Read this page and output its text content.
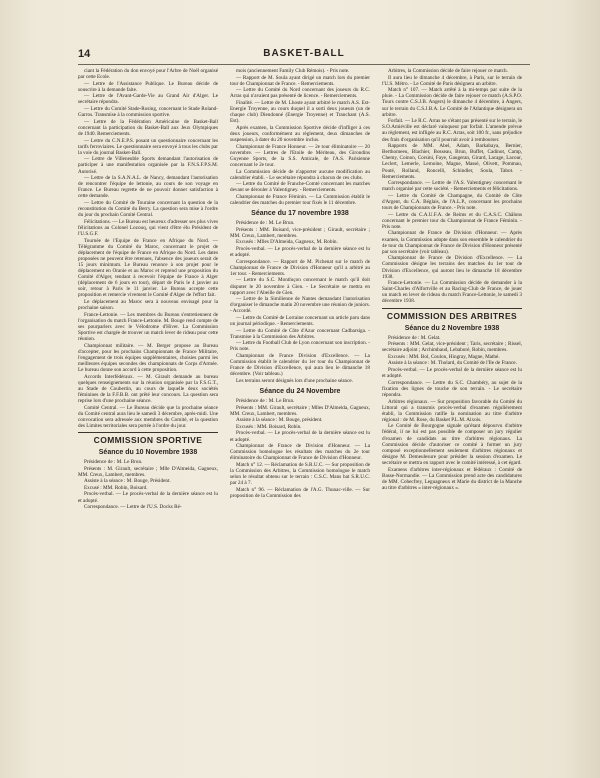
14	BASKET-BALL

ciant la Fédération du don envoyé pour l'Arbre de Noël organisé par cette Ecole.

— Lettre de l'Assistance Publique. Le Bureau décide de souscrire à la demande faite.

— Lettre de l'Avant-Garde-Vie au Grand Air d'Alger. Le secrétaire répondra.

— Lettre du Comité Stade-Rosing, concernant le Stade Roland-Garros. Transmise à la commission sportive.

— Lettre de la Fédération Américaine de Basket-Ball concernant la participation du Basket-Ball aux Jeux Olympiques de 1940. Remerciements.

— Lettre du C.N.E.P.S. posant un questionnaire concernant les tarifs ferroviaires. Le questionnaire sera envoyé à tous les clubs par la voie du journal Basket-Ball.

— Lettre de Villeneuble Sports demandant l'autorisation de participer à une manifestation organisée par la F.N.S.F.P.S.M. Autorisé.

— Lettre de la S.A.N.A.L. de Nancy, demandant l'autorisation de rencontrer l'équipe de lettonie, au cours de son voyage en France. Le Bureau regrette de ne pouvoir donner satisfaction à cette demande.

— Lettre du Comité de Touraine concernant la question de la reconstitution du Comité du Berry. La question sera mise à l'ordre du jour du prochain Comité Central.

Félicitations. — Le Bureau est heureux d'adresser ses plus vives félicitations au Colonel Lozouq, qui vient d'être élu Président de l'U.S.G.F.

Tournée de l'Equipe de France en Afrique du Nord. — Télégramme du Comité du Maroc, concernant le projet de déplacement de l'équipe de France en Afrique du Nord. Les dates proposées ne peuvent être retenues, l'absence des joueurs serait de 15 jours minimum. Le Bureau renonce à son projet pour le déplacement en Oranie et au Maroc et reprend une proposition du Comité d'Alger, tendant à recevoir l'équipe de France à Alger (déplacement de 6 jours en tout), départ de Paris le 4 janvier au soir, retour à Paris le 11 janvier. Le Bureau accepte cette proposition et remercie vivement le Comité d'Alger de l'effort fait.

Le déplacement au Maroc sera à nouveau envisagé pour la prochaine saison.

France-Lettonie. — Les membres du Bureau s'entretiennent de l'organisation du match France-Lettonie. M. Bouge rend compte de ses pourparlers avec le Vélodrome d'Hiver. La Commission Sportive est chargée de trouver un match lever de rideau pour cette réunion.

Championnat militaire. — M. Berger propose au Bureau d'accepter, pour les prochains Championnats de France Militaire, l'engagement de trois équipes supplémentaires, choisies parmi les meilleures équipes secondes des championnats de Corps d'Armée. Le bureau donne son accord à cette proposition.

Accords Interfédéraux. — M. Girault demande au bureau quelques renseignements sur la réunion organisée par la F.S.G.T., au Stade de Coubertin, au cours de laquelle deux sociétés féminines de la F.F.B.B. ont prêté leur concours. La question sera reprise lors d'une prochaine séance.

Comité Central. — Le Bureau décide que la prochaine séance du Comité central aura lieu le samedi 3 décembre, après-midi. Une convocation sera adressée aux membres du Comité, et la question des Limites territoriales sera portée à l'ordre du jour.

COMMISSION SPORTIVE
Séance du 10 Novembre 1938

Présidence de : M. Le Brun.

Présents : M. Girault, secrétaire ; Mlle D'Almeida, Gagneux, MM. Creux, Lambert, membres.

Assiste à la séance : M. Bouge, Président.

Excusé : MM. Robin, Boisard.

Procès-verbal. — Le procès-verbal de la dernière séance est lu et adopté.

Correspondance. — Lettre de l'U.S. Docks Ré-

mois (anciennement Family Club Rémois). - Pris note.

— Rapport de M. Soula ayant dirigé un match lors du premier tour de Championnat de France. - Remerciements.

— Lettre du Comité du Nord concernant des joueurs du R.C. Arras qui n'avaient pas présenté de licence. - Remerciements.

Finalité. — Lettre de M. Lhoste ayant arbitré le match A.S. Est-Energie Troyenne, au cours duquel il a sorti deux joueurs (un de chaque club) Dieudonné (Energie Troyenne) et Tranchant (A.S. Est).

Après examen, la Commission Sportive décide d'infliger à ces deux joueurs, conformément au règlement, deux dimanches de suspension, à dater du 20 novembre inclus.

Championnat de France Honneur. — 2e tour éliminatoire — 20 novembre. — Lettres de l'Etoile de Mériteau, des Girondins Guyenne Sports, de la S.S. Amicale, de l'A.S. Parisienne concernant le 2e tour.

La Commission décide de n'apporter aucune modification au calendrier établi. - Le secrétaire répondra à chacun de ces clubs.

— Lettre du Comité de Franche-Comté concernant les matches devant se dérouler à Valentigney. - Remerciements.

Championnat de France Féminin. — La Commission établit le calendrier des matches du premier tour fixés le 11 décembre.

Séance du 17 novembre 1938

Présidence de : M. Le Brun.

Présents : MM. Boisard, vice-président ; Girault, secrétaire ; MM. Creux, Lambert, membres.

Excusés : Mlles D'Almeida, Gagneux, M. Robin.

Procès-verbal. — Le procès-verbal de la dernière séance est lu et adopté.

Correspondance. — Rapport de M. Pichenat sur le match de Championnat de France de Division d'Honneur qu'il a arbitré au 1er tour. - Remerciements.

— Lettre du S.C. Montluçon concernant le match qu'il doit disputer le 20 novembre à Gien. - Le Secrétaire se mettra en rapport avec l'Abeille de Gien.

— Lettre de la Similienne de Nantes demandant l'autorisation d'organiser le dimanche matin 20 novembre une réunion de juniors. - Accordé.

— Lettre du Comité de Lorraine concernant un article paru dans un journal périodique. - Remerciements.

— Lettre du Comité de Côte d'Azur concernant Cadbarsiga. - Transmise à la Commission des Arbitres.

— Lettre du Football Club de Lyon concernant son inscription. - Pris note.

Championnat de France Division d'Excellence. — La Commission établit le calendrier du 1er tour du Championnat de France de Division d'Excellence, qui aura lieu le dimanche 18 décembre. (Voir tableau.)

Les terrains seront désignés lors d'une prochaine séance.

Séance du 24 Novembre

Présidence de : M. Le Brun.

Présents : MM. Girault, secrétaire ; Mlles D'Almeida, Gagneux, MM. Creux, Lambert, membres.

Assiste à la séance : M. Bouge, président.

Excusés : MM. Boisard, Robin.

Procès-verbal. — Le procès-verbal de la dernière séance est lu et adopté.

Championnat de France de Division d'Honneur. — La Commission homologue les résultats des matches du 2e tour éliminatoire du Championnat de France de Division d'Honneur.

Match n° 12. — Réclamation de S.R.U.C. — Sur proposition de la Commission des Arbitres, la Commission homologue le match selon le résultat obtenu sur le terrain : C.S.C. Mans bat S.R.U.C. par 24 à 7.

Match n° 96. — Réclamation de l'A.G. Thunac-ville. — Sur proposition de la Commission des

Arbitres, la Commission décide de faire rejouer ce match.

Il aura lieu le dimanche 4 décembre, à Paris, sur le terrain de l'U.S. Métro. - Le Comité de Paris désignera un arbitre.

Match n° 107. — Match arrêté à la mi-temps par suite de la pluie. - La Commission décide de faire rejouer ce match (A.S.P.O. Tours contre C.S.J.B. Angers) le dimanche 4 décembre, à Angers, sur le terrain du C.S.J.B.A. Le Comité de l'Atlantique désignera un arbitre.

Forfait. — Le R.C. Arras ne s'étant pas présenté sur le terrain, le S.O.Amiéville est déclaré vainqueur par forfait. L'amende prévue au règlement, est infligée au R.C. Arras, soit 100 fr., sans préjudice des frais d'organisation qu'il pourrait avoir à rembourser.

Rapports de MM. Abel, Adam, Barkabaya, Bernier, Berthomeeu, Blachier, Bosseau, Brun, Buffet, Cadinot, Camp, Chemy, Coinon, Corsini, Faye, Gaugeran, Girard, Lacage, Lacour, Leclert, Lemerle, Lemoine, Magne, Massé, Olivett, Pommau, Pouté, Rolland, Roncelli, Schindler, Soula, Tabot. - Remerciements.

Correspondance. — Lettre de l'A.S. Valentigney concernant le match organisé par cette société. - Remerciements et félicitations.

— Lettre du Comité de Champagne, du Comité de Côte d'Argent, du C.A. Béglais, de l'A.L.P., concernant les prochains tours de Championnats de France. - Pris note.

— Lettre du C.A.U.F.A. de Reims et du C.A.S.C. Châlons concernant le premier tour du Championnat de France Féminin. - Pris note.

Championnat de France de Division d'Honneur. — Après examen, la Commission adopte dans son ensemble le calendrier du 4e tour du Championnat de France de Division d'Honneur présenté par son secrétaire (voir tableau).

Championnat de France de Division d'Excellence. — La Commission désigne les terrains des matches du 1er tour de Division d'Excellence, qui auront lieu le dimanche 18 décembre 1938.

France-Lettonie. — La Commission décide de demander à la Saint-Charles d'Alfortville et au Racing-Club de France, de jouer un match en lever de rideau du match France-Lettonie, le samedi 3 décembre 1938.

COMMISSION DES ARBITRES
Séance du 2 Novembre 1938

Présidence de : M. Gelat.

Présents : MM. Gelat, vice-président ; Taris, secrétaire ; Rissel, secrétaire adjoint ; Archimbaud, Lebaboré, Robin, membres.

Excusés : MM. Bol, Coulon, Hingray, Magne, Mathé.

Assiste à la séance : M. Tholard, du Comité de l'Ile de France.

Procès-verbal. — Le procès-verbal de la dernière séance est lu et adopté.

Correspondance. — Lettre du S.C. Chambéry, au sujet de la fixation des lignes de touche de son terrain. - Le secrétaire répondra.

Arbitres régionaux. — Sur proposition favorable du Comité du Littoral qui a transmis procès-verbal d'examen régulièrement établi, la Commission ratifie la nomination au titre d'arbitre régional : de M. Rose, du Basket P.L.M. Aixois.

Le Comité de Bourgogne signale qu'étant dépourvu d'arbitre fédéral, il ne lui est pas possible de composer un jury régulier d'examen de candidats au titre d'arbitres régionaux. La Commission décide d'autoriser ce comité à former un jury composé exceptionnellement seulement d'arbitres régionaux et désigne M. Demeulesure pour présider la session d'examen. Le secrétaire se mettra en rapport avec le comité intéressé, à cet égard.

Examens d'arbitres inter-régionaux et fédéraux : Comité de Basse-Normandie. — La Commission prend acte des candidatures de MM. Cohecfrey, Leguagneux et Marie du district de la Manche au titre d'arbitres « inter-régionaux ».
